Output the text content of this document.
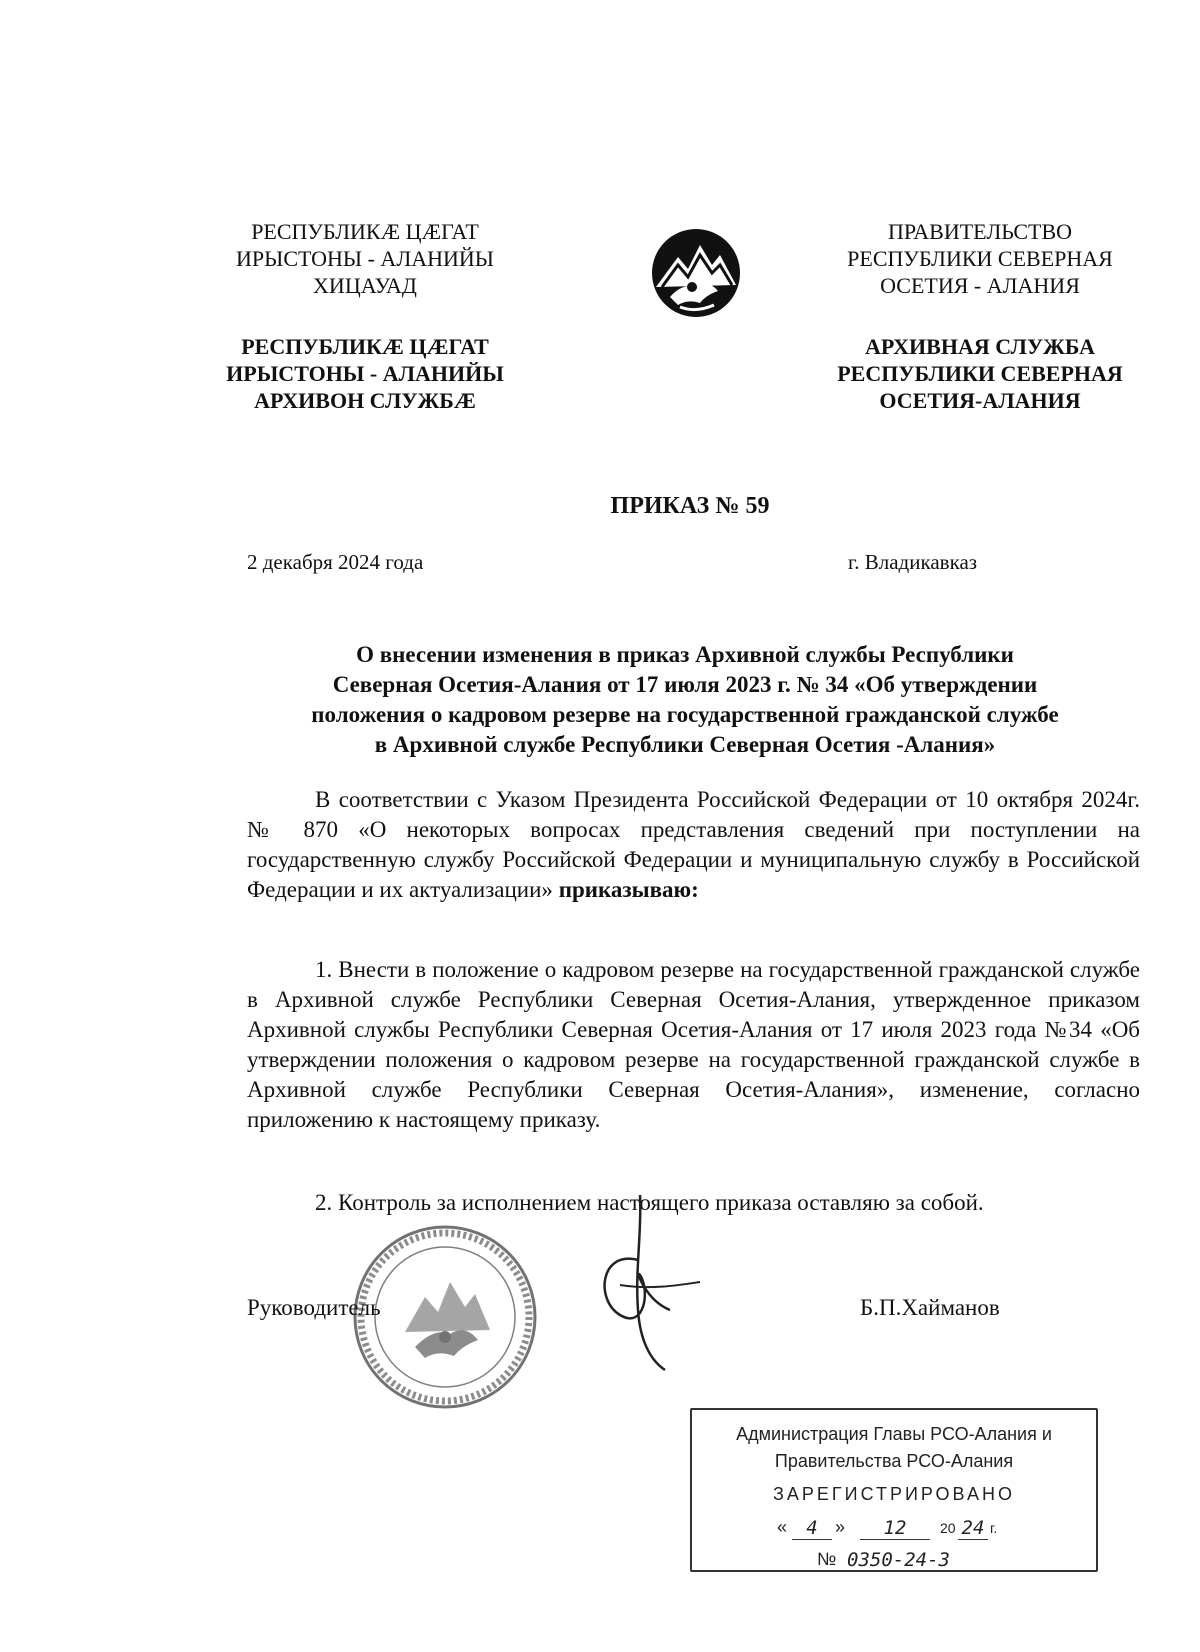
РЕСПУБЛИКӔ ЦӔГАТ
ИРЫСТОНЫ - АЛАНИЙЫ
ХИЦАУАД
РЕСПУБЛИКӔ ЦӔГАТ
ИРЫСТОНЫ - АЛАНИЙЫ
АРХИВОН СЛУЖБӔ
ПРАВИТЕЛЬСТВО
РЕСПУБЛИКИ СЕВЕРНАЯ
ОСЕТИЯ - АЛАНИЯ
АРХИВНАЯ СЛУЖБА
РЕСПУБЛИКИ СЕВЕРНАЯ
ОСЕТИЯ-АЛАНИЯ
ПРИКАЗ № 59
2 декабря 2024 года	г. Владикавказ
О внесении изменения в приказ Архивной службы Республики
Северная Осетия-Алания от 17 июля 2023 г. № 34 «Об утверждении
положения о кадровом резерве на государственной гражданской службе
в Архивной службе Республики Северная Осетия -Алания»
В соответствии с Указом Президента Российской Федерации от 10 октября 2024г. № 870 «О некоторых вопросах представления сведений при поступлении на государственную службу Российской Федерации и муниципальную службу в Российской Федерации и их актуализации» приказываю:
1. Внести в положение о кадровом резерве на государственной гражданской службе в Архивной службе Республики Северная Осетия-Алания, утвержденное приказом Архивной службы Республики Северная Осетия-Алания от 17 июля 2023 года №34 «Об утверждении положения о кадровом резерве на государственной гражданской службе в Архивной службе Республики Северная Осетия-Алания», изменение, согласно приложению к настоящему приказу.
2. Контроль за исполнением настоящего приказа оставляю за собой.
Руководитель	Б.П.Хайманов
Администрация Главы РСО-Алания и
Правительства РСО-Алания
ЗАРЕГИСТРИРОВАНО
«	4 »	12	20 24 г.
№ 0350-24-3
